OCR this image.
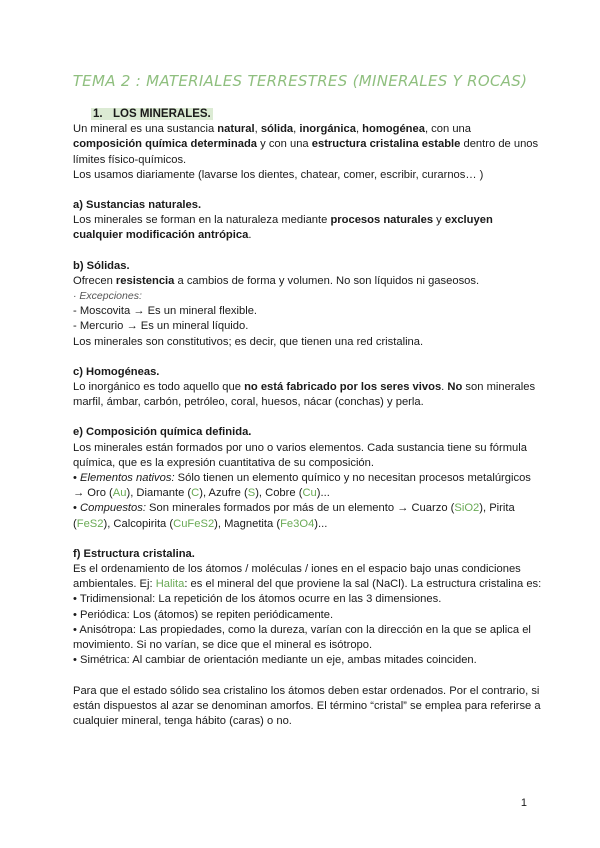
TEMA 2 : MATERIALES TERRESTRES (MINERALES Y ROCAS)

1. LOS MINERALES.

Un mineral es una sustancia natural, sólida, inorgánica, homogénea, con una composición química determinada y con una estructura cristalina estable dentro de unos límites físico-químicos.

Los usamos diariamente (lavarse los dientes, chatear, comer, escribir, curarnos… )

a) Sustancias naturales.

Los minerales se forman en la naturaleza mediante procesos naturales y excluyen cualquier modificación antrópica.

b) Sólidas.

Ofrecen resistencia a cambios de forma y volumen. No son líquidos ni gaseosos.

· Excepciones:

- Moscovita → Es un mineral flexible.

- Mercurio → Es un mineral líquido.

Los minerales son constitutivos; es decir, que tienen una red cristalina.

c) Homogéneas.

Lo inorgánico es todo aquello que no está fabricado por los seres vivos. No son minerales marfil, ámbar, carbón, petróleo, coral, huesos, nácar (conchas) y perla.

e) Composición química definida.

Los minerales están formados por uno o varios elementos. Cada sustancia tiene su fórmula química, que es la expresión cuantitativa de su composición.

• Elementos nativos: Sólo tienen un elemento químico y no necesitan procesos metalúrgicos → Oro (Au), Diamante (C), Azufre (S), Cobre (Cu)...

• Compuestos: Son minerales formados por más de un elemento → Cuarzo (SiO2), Pirita (FeS2), Calcopirita (CuFeS2), Magnetita (Fe3O4)...

f) Estructura cristalina.

Es el ordenamiento de los átomos / moléculas / iones en el espacio bajo unas condiciones ambientales. Ej: Halita: es el mineral del que proviene la sal (NaCl). La estructura cristalina es:

• Tridimensional: La repetición de los átomos ocurre en las 3 dimensiones.

• Periódica: Los (átomos) se repiten periódicamente.

• Anisótropa: Las propiedades, como la dureza, varían con la dirección en la que se aplica el movimiento. Si no varían, se dice que el mineral es isótropo.

• Simétrica: Al cambiar de orientación mediante un eje, ambas mitades coinciden.

Para que el estado sólido sea cristalino los átomos deben estar ordenados. Por el contrario, si están dispuestos al azar se denominan amorfos. El término “cristal” se emplea para referirse a cualquier mineral, tenga hábito (caras) o no.

1
